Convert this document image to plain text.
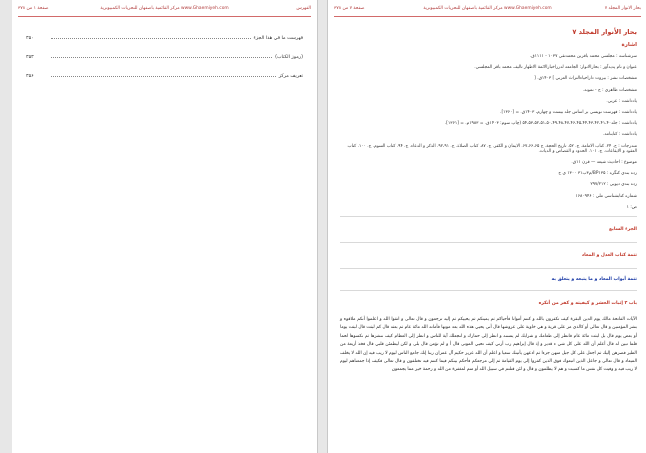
صفحة ۱ من ۳۷۸	مركز القائمية باصفهان للتحريات الكمبيوترية www.Ghaemiyeh.com	الفهرس
۳۵۰	فهرست ما في هذا الجزء
۳۵۳	(رموز الكتاب)
۳۵۶	تعريف مركز
صفحة ۷ من ۳۷۸	مركز القائمية باصفهان للتحريات الكمبيوترية www.Ghaemiyeh.com	بحار الانوار المجلد ۷
بحار الأنوار المجلد ۷
اشارة
سرشناسه : مجلسي محمد باقربن محمدتقي ۱۰۳۷ - ۱۱۱۱ق.
عنوان و نام پديدآور : بحارالانوار: الجامعه لدرراخبارالائمة الاطهار تاليف محمد باقر المجلسي.
مشخصات نشر : بيروت داراحياءالتراث العربي ] ۱۴۰۳ق. [
مشخصات ظاهري : ج - نمونه.
يادداشت : عربي.
يادداشت : فهرست نويسي بر اساس جلد بيست و چهارم، ۱۴۰۳ق. = [۱۳۶۰].
يادداشت : جلد۵۴،۵۳،۵۲،۵۱،۵۰،۴۹،۴۸،۴۷،۴۶،۴۵،۴۴،۴۳،۴۲،۴۱،۴۰ (چاپ سوم: ۱۴۰۳ق. = ۱۹۸۳م. = [۱۳۶۱].
يادداشت : كتابنامه.
مندرجات : ج. ۲۴. كتاب الامامة. ج. ۵۲. تاريخ الحجة. ج ۶۷،۶۶،۶۵. الايمان و الكفر. ج. ۸۷. كتاب الصلاة. ج. ۹۲،۹۱. الذكر و الدعاء. ج. ۹۴. كتاب السوم. ج. ۱۰۰. كتاب العقود و الايقاعات. ج. ۱۰۱. الحدود و القصاص و الديات.
موضوع : احاديث شيعه — قرن ۱۱ق.
رده بندي كنگره : BP۱۳۵/م۳ب۳۱ ۱۳۰۰ ي ح
رده بندي ديويي : ۲۹۷/۲۱۲
شماره كتابشناسي ملي : ۱۶۸۰۹۴۶
ص: ۱
الجزء السابع
تتمة كتاب العدل و المعاد
تتمة أبواب المعاد و ما يتبعه و يتعلق به
باب ۳ إثبات الحشر و كيفيته و كفر من أنكره
الآيات الفاتحة مالك يوم الدين البقرة كيف تكفرون بالله و كنتم أمواتا فأحياكم ثم يميتكم ثم يحييكم ثم إليه ترجعون و قال تعالى و اتقوا الله و اعلموا أنكم ملاقوه و بشر المؤمنين و قال تعالى أو كالذي مر على قرية و هي خاوية على عروشها قال أنى يحيي هذه الله بعد موتها فأماته الله مائة عام ثم بعثه قال كم لبثت قال لبثت يوما أو بعض يوم قال بل لبثت مائة عام فانظر إلى طعامك و شرابك لم يتسنه و انظر إلى حمارك و لنجعلك آية للناس و انظر إلى العظام كيف ننشزها ثم نكسوها لحما فلما تبين له قال أعلم أن الله على كل شي ء قدير و إذ قال إبراهيم رب أرني كيف تحيي الموتى قال أ و لم تؤمن قال بلى و لكن ليطمئن قلبي قال فخذ أربعة من الطير فصرهن إليك ثم اجعل على كل جبل منهن جزءا ثم ادعهن يأتينك سعيا و اعلم أن الله عزيز حكيم آل عمران ربنا إنك جامع الناس ليوم لا ريب فيه إن الله لا يخلف الميعاد و قال تعالى و جاعل الذين اتبعوك فوق الذين كفروا إلى يوم القيامة ثم إلي مرجعكم فأحكم بينكم فيما كنتم فيه تختلفون و قال تعالى فكيف إذا جمعناهم ليوم لا ريب فيه و وفيت كل نفس ما كسبت و هم لا يظلمون و قال و لئن قتلتم في سبيل الله أو متم لمغفرة من الله و رحمة خير مما يجمعون
